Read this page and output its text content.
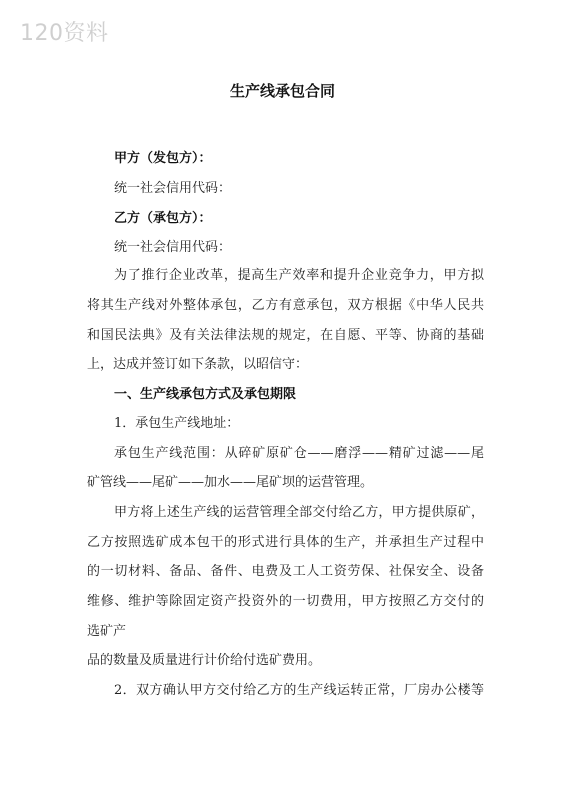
120资料
生产线承包合同
甲方（发包方）：
统一社会信用代码：
乙方（承包方）：
统一社会信用代码：
为了推行企业改革，提高生产效率和提升企业竞争力，甲方拟
将其生产线对外整体承包，乙方有意承包，双方根据《中华人民共
和国民法典》及有关法律法规的规定，在自愿、平等、协商的基础
上，达成并签订如下条款，以昭信守：
一、生产线承包方式及承包期限
1．承包生产线地址：
承包生产线范围：从碎矿原矿仓——磨浮——精矿过滤——尾
矿管线——尾矿——加水——尾矿坝的运营管理。
甲方将上述生产线的运营管理全部交付给乙方，甲方提供原矿，
乙方按照选矿成本包干的形式进行具体的生产，并承担生产过程中
的一切材料、备品、备件、电费及工人工资劳保、社保安全、设备
维修、维护等除固定资产投资外的一切费用，甲方按照乙方交付的
选矿产
品的数量及质量进行计价给付选矿费用。
2．双方确认甲方交付给乙方的生产线运转正常，厂房办公楼等
